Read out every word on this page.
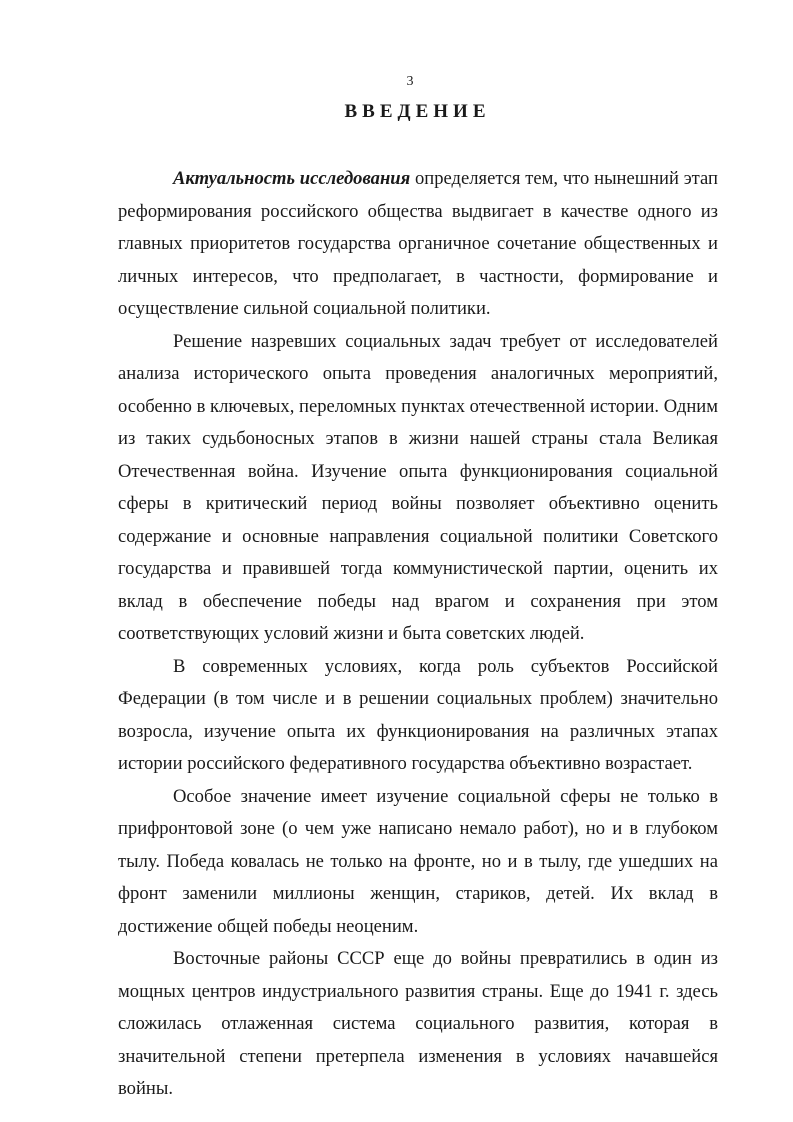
3
ВВЕДЕНИЕ

Актуальность исследования определяется тем, что нынешний этап реформирования российского общества выдвигает в качестве одного из главных приоритетов государства органичное сочетание общественных и личных интересов, что предполагает, в частности, формирование и осуществление сильной социальной политики.

Решение назревших социальных задач требует от исследователей анализа исторического опыта проведения аналогичных мероприятий, особенно в ключевых, переломных пунктах отечественной истории. Одним из таких судьбоносных этапов в жизни нашей страны стала Великая Отечественная война. Изучение опыта функционирования социальной сферы в критический период войны позволяет объективно оценить содержание и основные направления социальной политики Советского государства и правившей тогда коммунистической партии, оценить их вклад в обеспечение победы над врагом и сохранения при этом соответствующих условий жизни и быта советских людей.

В современных условиях, когда роль субъектов Российской Федерации (в том числе и в решении социальных проблем) значительно возросла, изучение опыта их функционирования на различных этапах истории российского федеративного государства объективно возрастает.

Особое значение имеет изучение социальной сферы не только в прифронтовой зоне (о чем уже написано немало работ), но и в глубоком тылу. Победа ковалась не только на фронте, но и в тылу, где ушедших на фронт заменили миллионы женщин, стариков, детей. Их вклад в достижение общей победы неоценим.

Восточные районы СССР еще до войны превратились в один из мощных центров индустриального развития страны. Еще до 1941 г. здесь сложилась отлаженная система социального развития, которая в значительной степени претерпела изменения в условиях начавшейся войны.
